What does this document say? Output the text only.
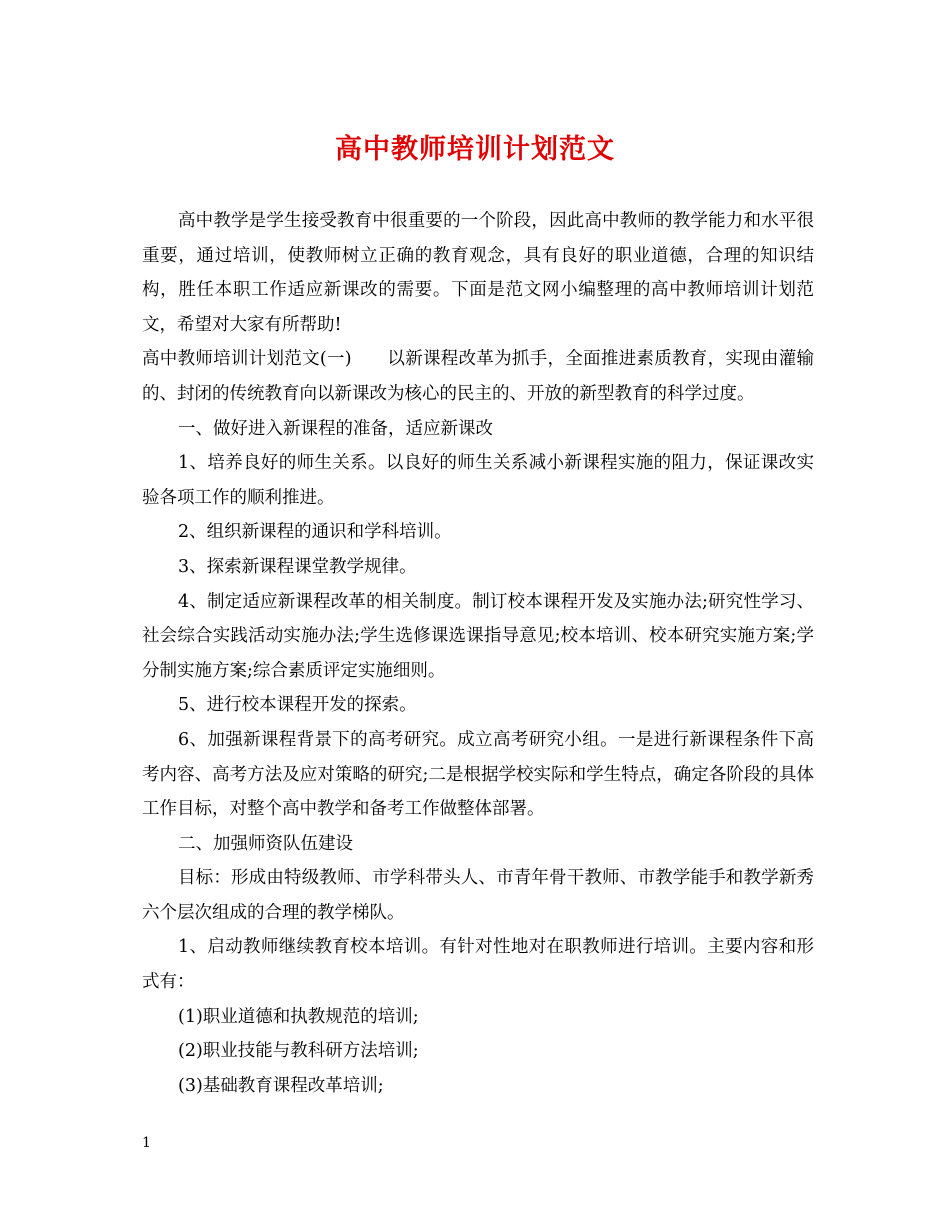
高中教师培训计划范文

高中教学是学生接受教育中很重要的一个阶段，因此高中教师的教学能力和水平很重要，通过培训，使教师树立正确的教育观念，具有良好的职业道德，合理的知识结构，胜任本职工作适应新课改的需要。下面是范文网小编整理的高中教师培训计划范文，希望对大家有所帮助!

高中教师培训计划范文(一)　　以新课程改革为抓手，全面推进素质教育，实现由灌输的、封闭的传统教育向以新课改为核心的民主的、开放的新型教育的科学过度。

一、做好进入新课程的准备，适应新课改

1、培养良好的师生关系。以良好的师生关系减小新课程实施的阻力，保证课改实验各项工作的顺利推进。

2、组织新课程的通识和学科培训。

3、探索新课程课堂教学规律。

4、制定适应新课程改革的相关制度。制订校本课程开发及实施办法;研究性学习、社会综合实践活动实施办法;学生选修课选课指导意见;校本培训、校本研究实施方案;学分制实施方案;综合素质评定实施细则。

5、进行校本课程开发的探索。

6、加强新课程背景下的高考研究。成立高考研究小组。一是进行新课程条件下高考内容、高考方法及应对策略的研究;二是根据学校实际和学生特点，确定各阶段的具体工作目标，对整个高中教学和备考工作做整体部署。

二、加强师资队伍建设

目标：形成由特级教师、市学科带头人、市青年骨干教师、市教学能手和教学新秀六个层次组成的合理的教学梯队。

1、启动教师继续教育校本培训。有针对性地对在职教师进行培训。主要内容和形式有：

(1)职业道德和执教规范的培训;

(2)职业技能与教科研方法培训;

(3)基础教育课程改革培训;

1
